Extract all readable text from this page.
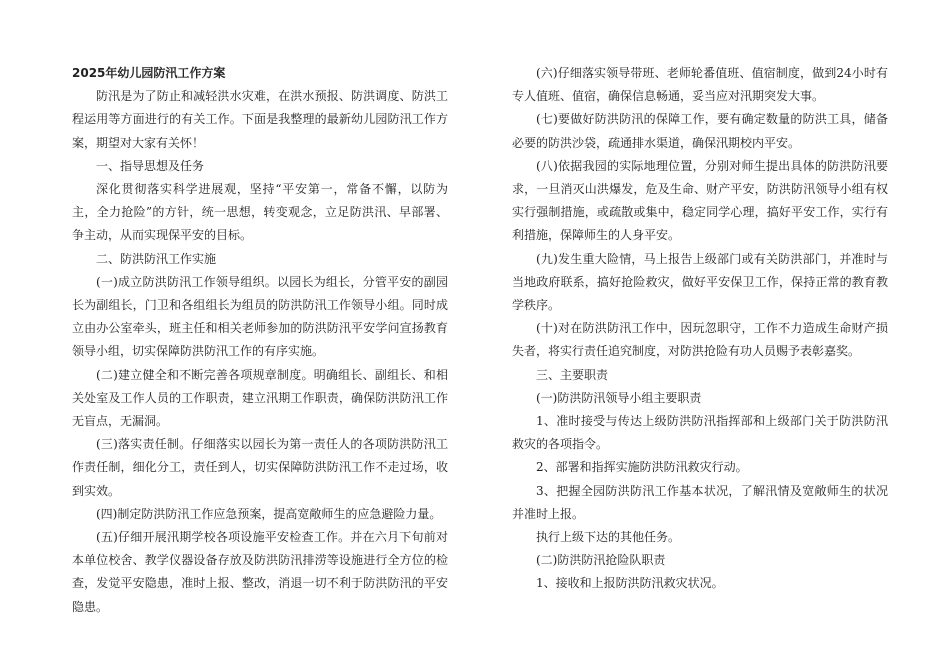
2025年幼儿园防汛工作方案

防汛是为了防止和减轻洪水灾难，在洪水预报、防洪调度、防洪工程运用等方面进行的有关工作。下面是我整理的最新幼儿园防汛工作方案，期望对大家有关怀！

一、指导思想及任务

深化贯彻落实科学进展观，坚持“平安第一，常备不懈，以防为主，全力抢险”的方针，统一思想，转变观念，立足防洪汛、早部署、争主动，从而实现保平安的目标。

二、防洪防汛工作实施

(一)成立防洪防汛工作领导组织。以园长为组长，分管平安的副园长为副组长，门卫和各组组长为组员的防洪防汛工作领导小组。同时成立由办公室牵头，班主任和相关老师参加的防洪防汛平安学问宣扬教育领导小组，切实保障防洪防汛工作的有序实施。

(二)建立健全和不断完善各项规章制度。明确组长、副组长、和相关处室及工作人员的工作职责，建立汛期工作职责，确保防洪防汛工作无盲点，无漏洞。

(三)落实责任制。仔细落实以园长为第一责任人的各项防洪防汛工作责任制，细化分工，责任到人，切实保障防洪防汛工作不走过场，收到实效。

(四)制定防洪防汛工作应急预案，提高宽敞师生的应急避险力量。

(五)仔细开展汛期学校各项设施平安检查工作。并在六月下旬前对本单位校舍、教学仪器设备存放及防洪防汛排涝等设施进行全方位的检查，发觉平安隐患，准时上报、整改，消退一切不利于防洪防汛的平安隐患。

(六)仔细落实领导带班、老师轮番值班、值宿制度，做到24小时有专人值班、值宿，确保信息畅通，妥当应对汛期突发大事。

(七)要做好防洪防汛的保障工作，要有确定数量的防洪工具，储备必要的防洪沙袋，疏通排水渠道，确保汛期校内平安。

(八)依据我园的实际地理位置，分别对师生提出具体的防洪防汛要求，一旦消灭山洪爆发，危及生命、财产平安，防洪防汛领导小组有权实行强制措施，或疏散或集中，稳定同学心理，搞好平安工作，实行有利措施，保障师生的人身平安。

(九)发生重大险情，马上报告上级部门或有关防洪部门，并准时与当地政府联系，搞好抢险救灾，做好平安保卫工作，保持正常的教育教学秩序。

(十)对在防洪防汛工作中，因玩忽职守，工作不力造成生命财产损失者，将实行责任追究制度，对防洪抢险有功人员赐予表彰嘉奖。

三、主要职责

(一)防洪防汛领导小组主要职责

1、准时接受与传达上级防洪防汛指挥部和上级部门关于防洪防汛救灾的各项指令。

2、部署和指挥实施防洪防汛救灾行动。

3、把握全园防洪防汛工作基本状况，了解汛情及宽敞师生的状况并准时上报。

执行上级下达的其他任务。

(二)防洪防汛抢险队职责

1、接收和上报防洪防汛救灾状况。
